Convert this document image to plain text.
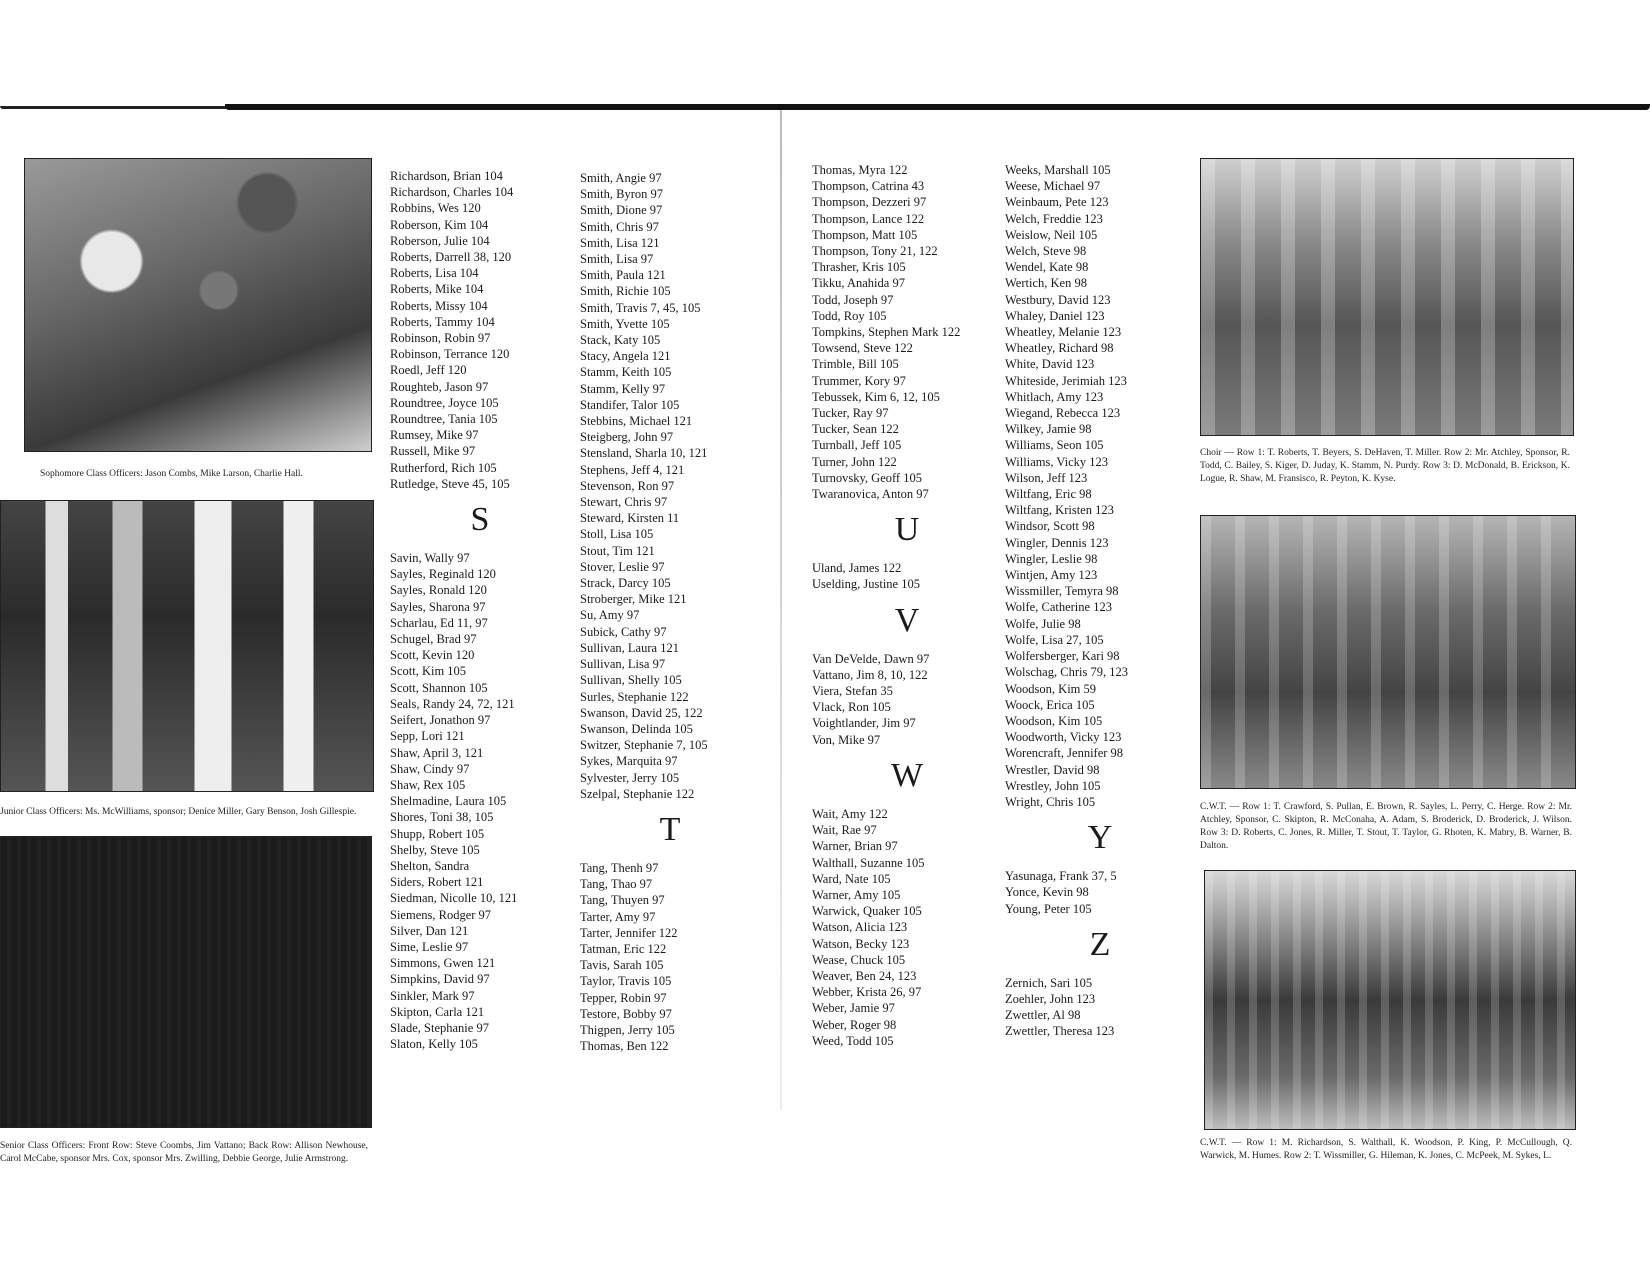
Sophomore Class Officers: Jason Combs, Mike Larson, Charlie Hall.
Junior Class Officers: Ms. McWilliams, sponsor; Denice Miller, Gary Benson, Josh Gillespie.
Senior Class Officers: Front Row: Steve Coombs, Jim Vattano; Back Row: Allison Newhouse, Carol McCabe, sponsor Mrs. Cox, sponsor Mrs. Zwilling, Debbie George, Julie Armstrong.
Choir — Row 1: T. Roberts, T. Beyers, S. DeHaven, T. Miller. Row 2: Mr. Atchley, Sponsor, R. Todd, C. Bailey, S. Kiger, D. Juday, K. Stamm, N. Purdy. Row 3: D. McDonald, B. Erickson, K. Logue, R. Shaw, M. Fransisco, R. Peyton, K. Kyse.
C.W.T. — Row 1: T. Crawford, S. Pullan, E. Brown, R. Sayles, L. Perry, C. Herge. Row 2: Mr. Atchley, Sponsor, C. Skipton, R. McConaha, A. Adam, S. Broderick, D. Broderick, J. Wilson. Row 3: D. Roberts, C. Jones, R. Miller, T. Stout, T. Taylor, G. Rhoten, K. Mabry, B. Warner, B. Dalton.
C.W.T. — Row 1: M. Richardson, S. Walthall, K. Woodson, P. King, P. McCullough, Q. Warwick, M. Humes. Row 2: T. Wissmiller, G. Hileman, K. Jones, C. McPeek, M. Sykes, L.
Richardson, Brian 104
Richardson, Charles 104
Robbins, Wes 120
Roberson, Kim 104
Roberson, Julie 104
Roberts, Darrell 38, 120
Roberts, Lisa 104
Roberts, Mike 104
Roberts, Missy 104
Roberts, Tammy 104
Robinson, Robin 97
Robinson, Terrance 120
Roedl, Jeff 120
Roughteb, Jason 97
Roundtree, Joyce 105
Roundtree, Tania 105
Rumsey, Mike 97
Russell, Mike 97
Rutherford, Rich 105
Rutledge, Steve 45, 105
S
Savin, Wally 97
Sayles, Reginald 120
Sayles, Ronald 120
Sayles, Sharona 97
Scharlau, Ed 11, 97
Schugel, Brad 97
Scott, Kevin 120
Scott, Kim 105
Scott, Shannon 105
Seals, Randy 24, 72, 121
Seifert, Jonathon 97
Sepp, Lori 121
Shaw, April 3, 121
Shaw, Cindy 97
Shaw, Rex 105
Shelmadine, Laura 105
Shores, Toni 38, 105
Shupp, Robert 105
Shelby, Steve 105
Shelton, Sandra
Siders, Robert 121
Siedman, Nicolle 10, 121
Siemens, Rodger 97
Silver, Dan 121
Sime, Leslie 97
Simmons, Gwen 121
Simpkins, David 97
Sinkler, Mark 97
Skipton, Carla 121
Slade, Stephanie 97
Slaton, Kelly 105
Smith, Angie 97
Smith, Byron 97
Smith, Dione 97
Smith, Chris 97
Smith, Lisa 121
Smith, Lisa 97
Smith, Paula 121
Smith, Richie 105
Smith, Travis 7, 45, 105
Smith, Yvette 105
Stack, Katy 105
Stacy, Angela 121
Stamm, Keith 105
Stamm, Kelly 97
Standifer, Talor 105
Stebbins, Michael 121
Steigberg, John 97
Stensland, Sharla 10, 121
Stephens, Jeff 4, 121
Stevenson, Ron 97
Stewart, Chris 97
Steward, Kirsten 11
Stoll, Lisa 105
Stout, Tim 121
Stover, Leslie 97
Strack, Darcy 105
Stroberger, Mike 121
Su, Amy 97
Subick, Cathy 97
Sullivan, Laura 121
Sullivan, Lisa 97
Sullivan, Shelly 105
Surles, Stephanie 122
Swanson, David 25, 122
Swanson, Delinda 105
Switzer, Stephanie 7, 105
Sykes, Marquita 97
Sylvester, Jerry 105
Szelpal, Stephanie 122
T
Tang, Thenh 97
Tang, Thao 97
Tang, Thuyen 97
Tarter, Amy 97
Tarter, Jennifer 122
Tatman, Eric 122
Tavis, Sarah 105
Taylor, Travis 105
Tepper, Robin 97
Testore, Bobby 97
Thigpen, Jerry 105
Thomas, Ben 122
Thomas, Myra 122
Thompson, Catrina 43
Thompson, Dezzeri 97
Thompson, Lance 122
Thompson, Matt 105
Thompson, Tony 21, 122
Thrasher, Kris 105
Tikku, Anahida 97
Todd, Joseph 97
Todd, Roy 105
Tompkins, Stephen Mark 122
Towsend, Steve 122
Trimble, Bill 105
Trummer, Kory 97
Tebussek, Kim 6, 12, 105
Tucker, Ray 97
Tucker, Sean 122
Turnball, Jeff 105
Turner, John 122
Turnovsky, Geoff 105
Twaranovica, Anton 97
U
Uland, James 122
Uselding, Justine 105
V
Van DeVelde, Dawn 97
Vattano, Jim 8, 10, 122
Viera, Stefan 35
Vlack, Ron 105
Voightlander, Jim 97
Von, Mike 97
W
Wait, Amy 122
Wait, Rae 97
Warner, Brian 97
Walthall, Suzanne 105
Ward, Nate 105
Warner, Amy 105
Warwick, Quaker 105
Watson, Alicia 123
Watson, Becky 123
Wease, Chuck 105
Weaver, Ben 24, 123
Webber, Krista 26, 97
Weber, Jamie 97
Weber, Roger 98
Weed, Todd 105
Weeks, Marshall 105
Weese, Michael 97
Weinbaum, Pete 123
Welch, Freddie 123
Weislow, Neil 105
Welch, Steve 98
Wendel, Kate 98
Wertich, Ken 98
Westbury, David 123
Whaley, Daniel 123
Wheatley, Melanie 123
Wheatley, Richard 98
White, David 123
Whiteside, Jerimiah 123
Whitlach, Amy 123
Wiegand, Rebecca 123
Wilkey, Jamie 98
Williams, Seon 105
Williams, Vicky 123
Wilson, Jeff 123
Wiltfang, Eric 98
Wiltfang, Kristen 123
Windsor, Scott 98
Wingler, Dennis 123
Wingler, Leslie 98
Wintjen, Amy 123
Wissmiller, Temyra 98
Wolfe, Catherine 123
Wolfe, Julie 98
Wolfe, Lisa 27, 105
Wolfersberger, Kari 98
Wolschag, Chris 79, 123
Woodson, Kim 59
Woock, Erica 105
Woodson, Kim 105
Woodworth, Vicky 123
Worencraft, Jennifer 98
Wrestler, David 98
Wrestley, John 105
Wright, Chris 105
Y
Yasunaga, Frank 37, 5
Yonce, Kevin 98
Young, Peter 105
Z
Zernich, Sari 105
Zoehler, John 123
Zwettler, Al 98
Zwettler, Theresa 123
